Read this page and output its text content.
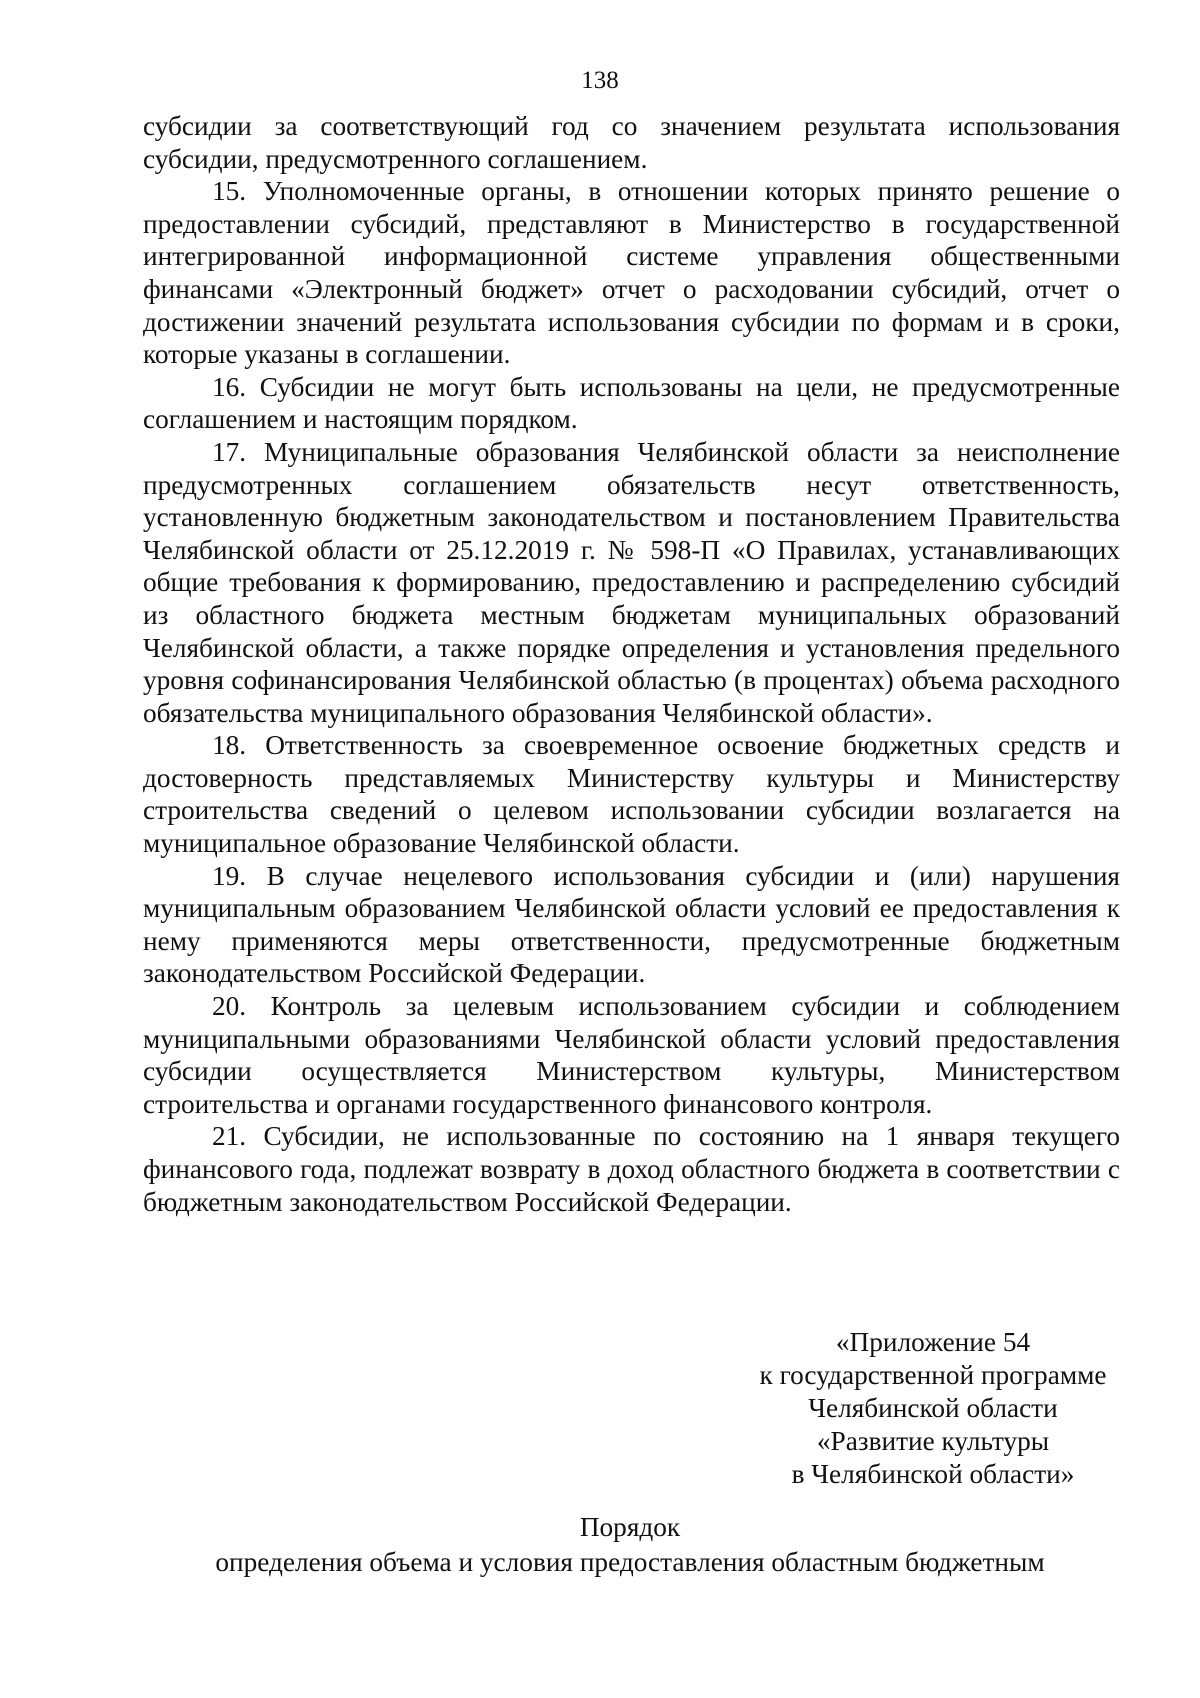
138

субсидии за соответствующий год со значением результата использования субсидии, предусмотренного соглашением.

15. Уполномоченные органы, в отношении которых принято решение о предоставлении субсидий, представляют в Министерство в государственной интегрированной информационной системе управления общественными финансами «Электронный бюджет» отчет о расходовании субсидий, отчет о достижении значений результата использования субсидии по формам и в сроки, которые указаны в соглашении.

16. Субсидии не могут быть использованы на цели, не предусмотренные соглашением и настоящим порядком.

17. Муниципальные образования Челябинской области за неисполнение предусмотренных соглашением обязательств несут ответственность, установленную бюджетным законодательством и постановлением Правительства Челябинской области от 25.12.2019 г. № 598-П «О Правилах, устанавливающих общие требования к формированию, предоставлению и распределению субсидий из областного бюджета местным бюджетам муниципальных образований Челябинской области, а также порядке определения и установления предельного уровня софинансирования Челябинской областью (в процентах) объема расходного обязательства муниципального образования Челябинской области».

18. Ответственность за своевременное освоение бюджетных средств и достоверность представляемых Министерству культуры и Министерству строительства сведений о целевом использовании субсидии возлагается на муниципальное образование Челябинской области.

19. В случае нецелевого использования субсидии и (или) нарушения муниципальным образованием Челябинской области условий ее предоставления к нему применяются меры ответственности, предусмотренные бюджетным законодательством Российской Федерации.

20. Контроль за целевым использованием субсидии и соблюдением муниципальными образованиями Челябинской области условий предоставления субсидии осуществляется Министерством культуры, Министерством строительства и органами государственного финансового контроля.

21. Субсидии, не использованные по состоянию на 1 января текущего финансового года, подлежат возврату в доход областного бюджета в соответствии с бюджетным законодательством Российской Федерации.

«Приложение 54
к государственной программе
Челябинской области
«Развитие культуры
в Челябинской области»
Порядок
определения объема и условия предоставления областным бюджетным
